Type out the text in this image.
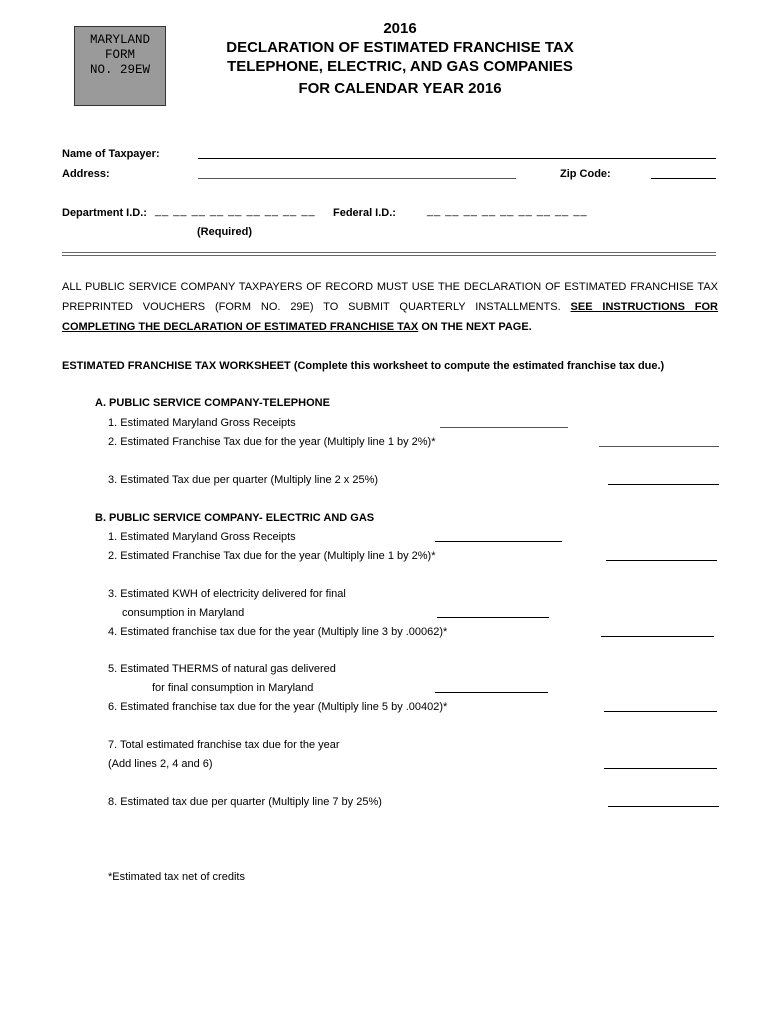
MARYLAND
FORM
NO. 29EW
2016
DECLARATION OF ESTIMATED FRANCHISE TAX
TELEPHONE, ELECTRIC, AND GAS COMPANIES
FOR CALENDAR YEAR 2016
Name of Taxpayer:
Address:	Zip Code:
Department I.D.: __ __ __ __ __ __ __ __ __ Federal I.D.:	__ __ __ __ __ __ __ __ __
(Required)
ALL PUBLIC SERVICE COMPANY TAXPAYERS OF RECORD MUST USE THE DECLARATION OF ESTIMATED FRANCHISE TAX PREPRINTED VOUCHERS (FORM NO. 29E) TO SUBMIT QUARTERLY INSTALLMENTS. SEE INSTRUCTIONS FOR COMPLETING THE DECLARATION OF ESTIMATED FRANCHISE TAX ON THE NEXT PAGE.
ESTIMATED FRANCHISE TAX WORKSHEET (Complete this worksheet to compute the estimated franchise tax due.)
A. PUBLIC SERVICE COMPANY-TELEPHONE
1. Estimated Maryland Gross Receipts
2. Estimated Franchise Tax due for the year (Multiply line 1 by 2%)*
3. Estimated Tax due per quarter (Multiply line 2 x 25%)
B. PUBLIC SERVICE COMPANY- ELECTRIC AND GAS
1. Estimated Maryland Gross Receipts
2. Estimated Franchise Tax due for the year (Multiply line 1 by 2%)*
3. Estimated KWH of electricity delivered for final
consumption in Maryland
4. Estimated franchise tax due for the year (Multiply line 3 by .00062)*
5. Estimated THERMS of natural gas delivered
for final consumption in Maryland
6. Estimated franchise tax due for the year (Multiply line 5 by .00402)*
7. Total estimated franchise tax due for the year
(Add lines 2, 4 and 6)
8. Estimated tax due per quarter (Multiply line 7 by 25%)
*Estimated tax net of credits
